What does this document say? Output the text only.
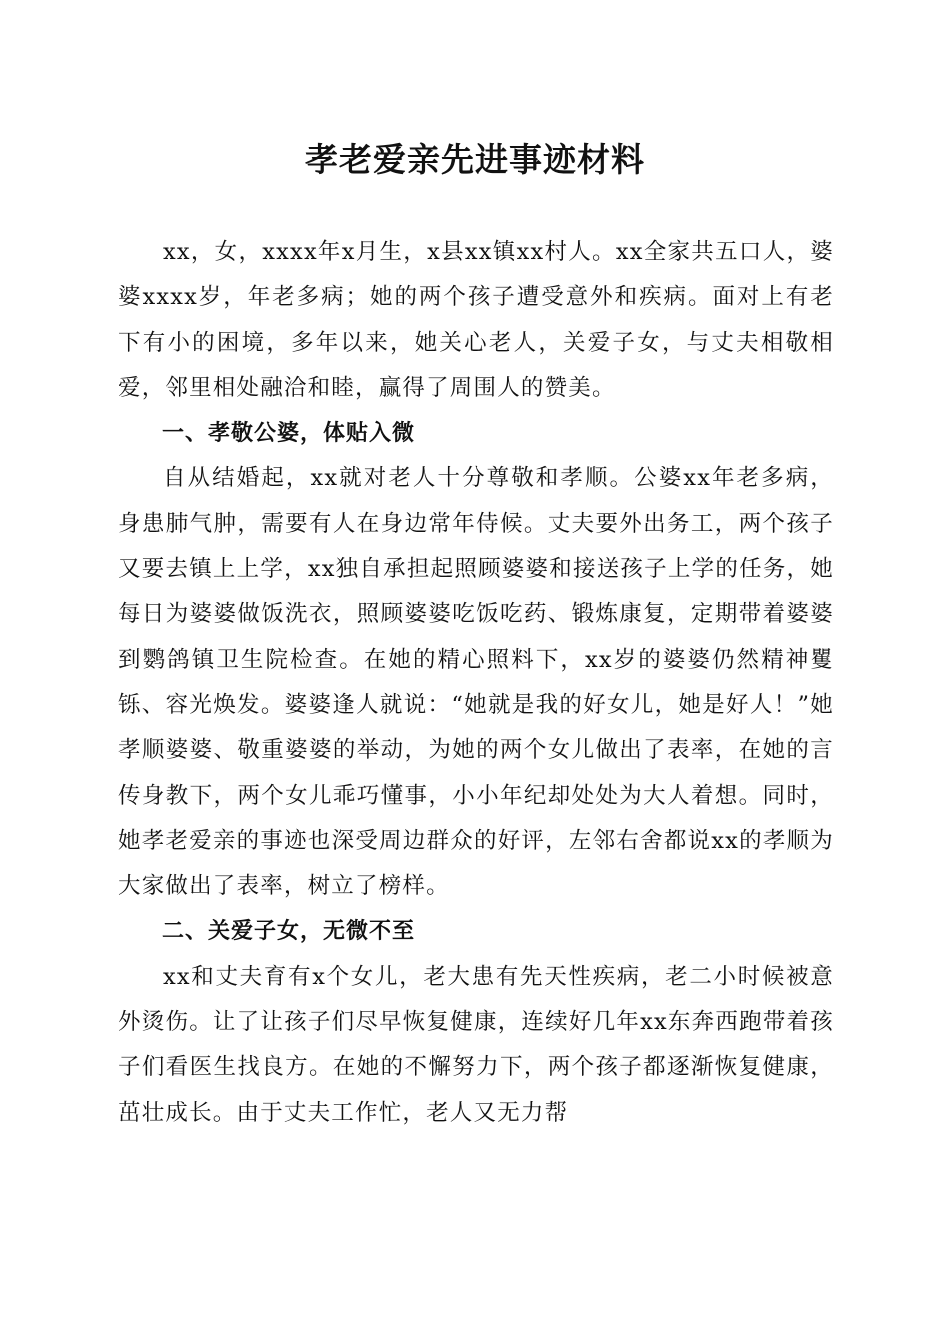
孝老爱亲先进事迹材料

xx，女，xxxx年x月生，x县xx镇xx村人。xx全家共五口人，婆婆xxxx岁，年老多病；她的两个孩子遭受意外和疾病。面对上有老下有小的困境，多年以来，她关心老人，关爱子女，与丈夫相敬相爱，邻里相处融洽和睦，赢得了周围人的赞美。

一、孝敬公婆，体贴入微

自从结婚起，xx就对老人十分尊敬和孝顺。公婆xx年老多病，身患肺气肿，需要有人在身边常年侍候。丈夫要外出务工，两个孩子又要去镇上上学，xx独自承担起照顾婆婆和接送孩子上学的任务，她每日为婆婆做饭洗衣，照顾婆婆吃饭吃药、锻炼康复，定期带着婆婆到鹦鸽镇卫生院检查。在她的精心照料下，xx岁的婆婆仍然精神矍铄、容光焕发。婆婆逢人就说：“她就是我的好女儿，她是好人！”她孝顺婆婆、敬重婆婆的举动，为她的两个女儿做出了表率，在她的言传身教下，两个女儿乖巧懂事，小小年纪却处处为大人着想。同时，她孝老爱亲的事迹也深受周边群众的好评，左邻右舍都说xx的孝顺为大家做出了表率，树立了榜样。

二、关爱子女，无微不至

xx和丈夫育有x个女儿，老大患有先天性疾病，老二小时候被意外烫伤。让了让孩子们尽早恢复健康，连续好几年xx东奔西跑带着孩子们看医生找良方。在她的不懈努力下，两个孩子都逐渐恢复健康，茁壮成长。由于丈夫工作忙，老人又无力帮
